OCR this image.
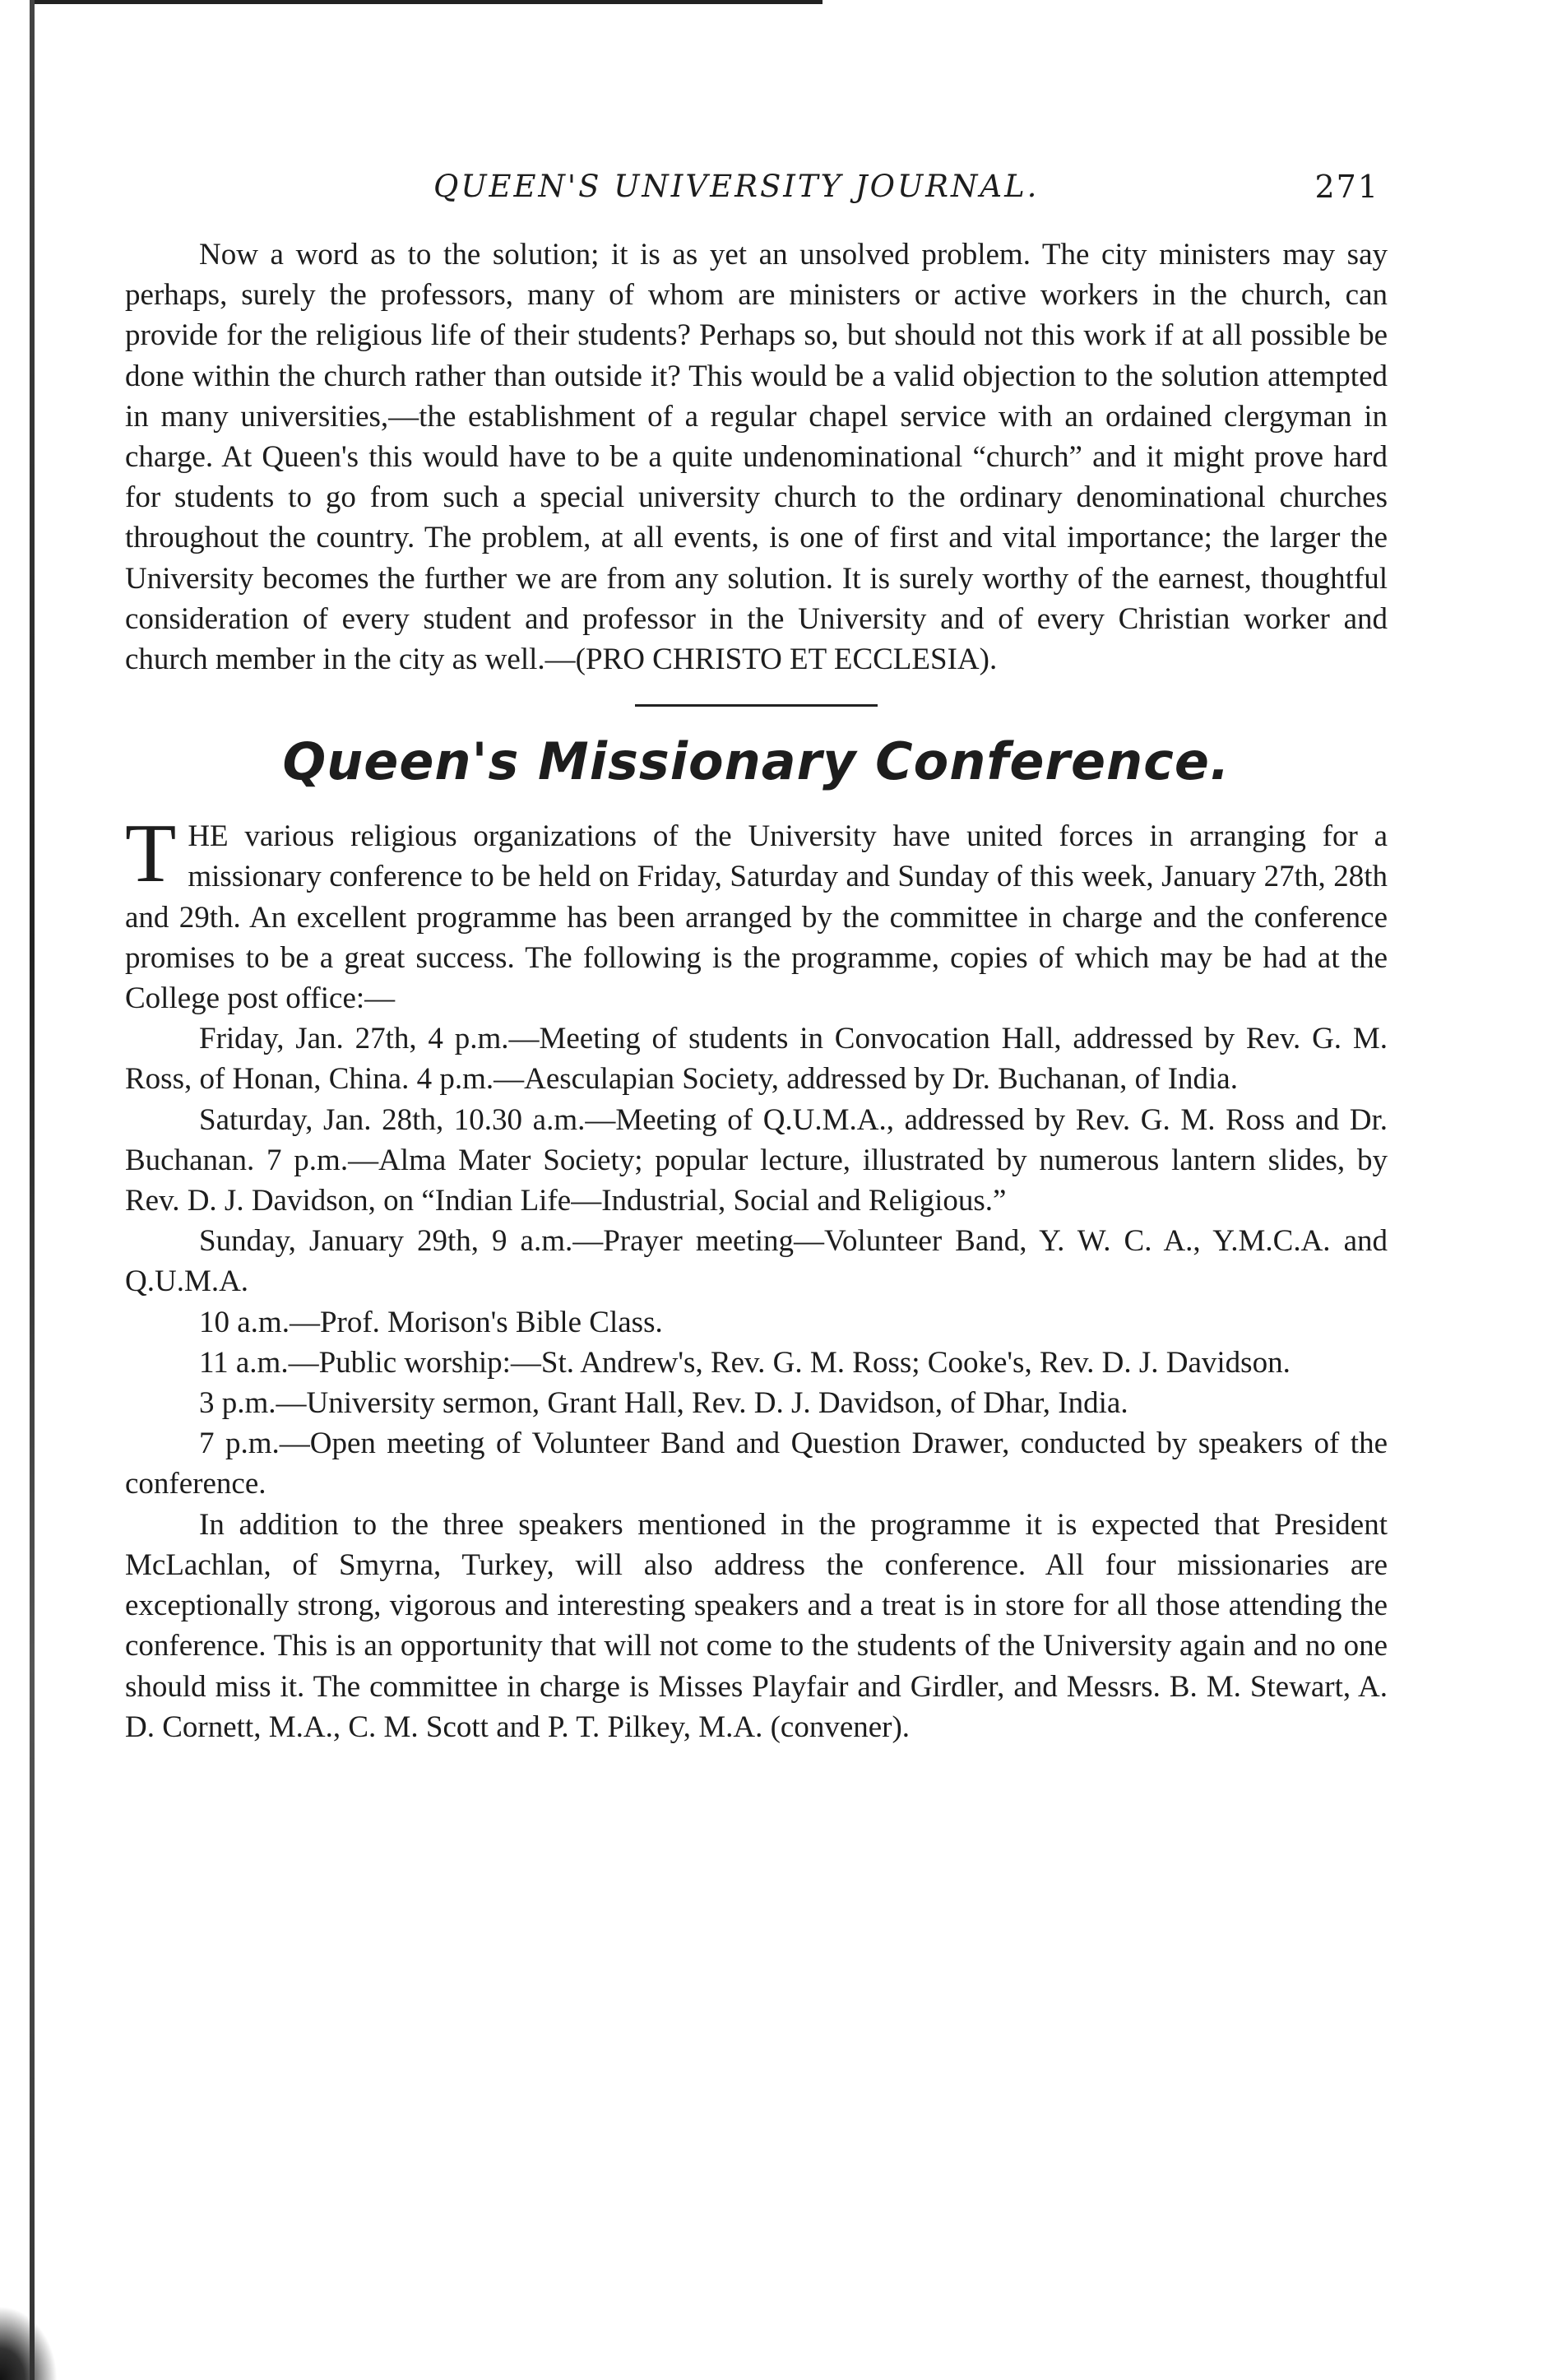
QUEEN'S UNIVERSITY JOURNAL.	271

Now a word as to the solution; it is as yet an unsolved problem. The city ministers may say perhaps, surely the professors, many of whom are ministers or active workers in the church, can provide for the religious life of their students? Perhaps so, but should not this work if at all possible be done within the church rather than outside it? This would be a valid objection to the solution attempted in many universities,—the establishment of a regular chapel service with an ordained clergyman in charge. At Queen's this would have to be a quite undenominational “church” and it might prove hard for students to go from such a special university church to the ordinary denominational churches throughout the country. The problem, at all events, is one of first and vital importance; the larger the University becomes the further we are from any solution. It is surely worthy of the earnest, thoughtful consideration of every student and professor in the University and of every Christian worker and church member in the city as well.—(PRO CHRISTO ET ECCLESIA).

Queen's Missionary Conference.
T HE various religious organizations of the University have united forces in arranging for a missionary conference to be held on Friday, Saturday and Sunday of this week, January 27th, 28th and 29th. An excellent programme has been arranged by the committee in charge and the conference promises to be a great success. The following is the programme, copies of which may be had at the College post office:—

Friday, Jan. 27th, 4 p.m.—Meeting of students in Convocation Hall, addressed by Rev. G. M. Ross, of Honan, China. 4 p.m.—Aesculapian Society, addressed by Dr. Buchanan, of India.

Saturday, Jan. 28th, 10.30 a.m.—Meeting of Q.U.M.A., addressed by Rev. G. M. Ross and Dr. Buchanan. 7 p.m.—Alma Mater Society; popular lecture, illustrated by numerous lantern slides, by Rev. D. J. Davidson, on “Indian Life—Industrial, Social and Religious.”

Sunday, January 29th, 9 a.m.—Prayer meeting—Volunteer Band, Y. W. C. A., Y.M.C.A. and Q.U.M.A.

10 a.m.—Prof. Morison's Bible Class.

11 a.m.—Public worship:—St. Andrew's, Rev. G. M. Ross; Cooke's, Rev. D. J. Davidson.

3 p.m.—University sermon, Grant Hall, Rev. D. J. Davidson, of Dhar, India.

7 p.m.—Open meeting of Volunteer Band and Question Drawer, conducted by speakers of the conference.

In addition to the three speakers mentioned in the programme it is expected that President McLachlan, of Smyrna, Turkey, will also address the conference. All four missionaries are exceptionally strong, vigorous and interesting speakers and a treat is in store for all those attending the conference. This is an opportunity that will not come to the students of the University again and no one should miss it. The committee in charge is Misses Playfair and Girdler, and Messrs. B. M. Stewart, A. D. Cornett, M.A., C. M. Scott and P. T. Pilkey, M.A. (convener).
